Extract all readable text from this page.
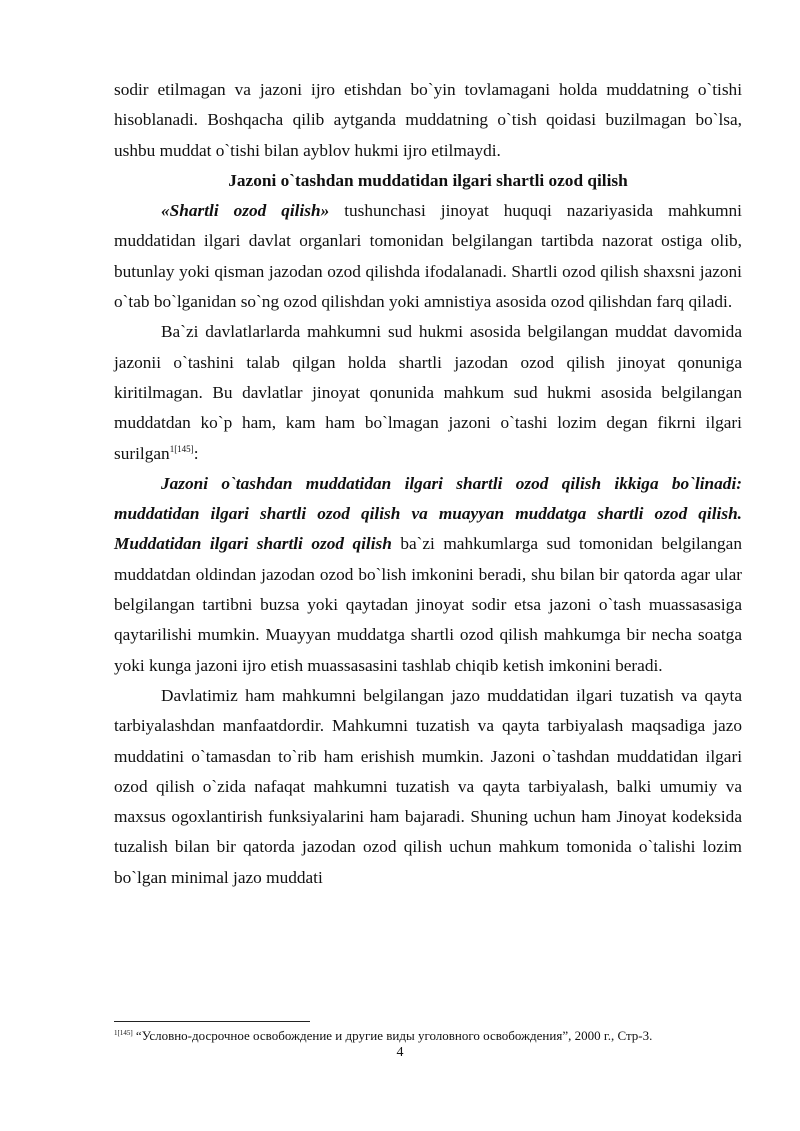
sodir etilmagan va jazoni ijro etishdan bo`yin tovlamagani holda muddatning o`tishi hisoblanadi. Boshqacha qilib aytganda muddatning o`tish qoidasi buzilmagan bo`lsa, ushbu muddat o`tishi bilan ayblov hukmi ijro etilmaydi.

Jazoni o`tashdan muddatidan ilgari shartli ozod qilish

«Shartli ozod qilish» tushunchasi jinoyat huquqi nazariyasida mahkumni muddatidan ilgari davlat organlari tomonidan belgilangan tartibda nazorat ostiga olib, butunlay yoki qisman jazodan ozod qilishda ifodalanadi. Shartli ozod qilish shaxsni jazoni o`tab bo`lganidan so`ng ozod qilishdan yoki amnistiya asosida ozod qilishdan farq qiladi.

Ba`zi davlatlarlarda mahkumni sud hukmi asosida belgilangan muddat davomida jazonii o`tashini talab qilgan holda shartli jazodan ozod qilish jinoyat qonuniga kiritilmagan. Bu davlatlar jinoyat qonunida mahkum sud hukmi asosida belgilangan muddatdan ko`p ham, kam ham bo`lmagan jazoni o`tashi lozim degan fikrni ilgari surilgan$^{1[145]}$:

Jazoni o`tashdan muddatidan ilgari shartli ozod qilish ikkiga bo`linadi: muddatidan ilgari shartli ozod qilish va muayyan muddatga shartli ozod qilish. Muddatidan ilgari shartli ozod qilish ba`zi mahkumlarga sud tomonidan belgilangan muddatdan oldindan jazodan ozod bo`lish imkonini beradi, shu bilan bir qatorda agar ular belgilangan tartibni buzsa yoki qaytadan jinoyat sodir etsa jazoni o`tash muassasasiga qaytarilishi mumkin. Muayyan muddatga shartli ozod qilish mahkumga bir necha soatga yoki kunga jazoni ijro etish muassasasini tashlab chiqib ketish imkonini beradi.

Davlatimiz ham mahkumni belgilangan jazo muddatidan ilgari tuzatish va qayta tarbiyalashdan manfaatdordir. Mahkumni tuzatish va qayta tarbiyalash maqsadiga jazo muddatini o`tamasdan to`rib ham erishish mumkin. Jazoni o`tashdan muddatidan ilgari ozod qilish o`zida nafaqat mahkumni tuzatish va qayta tarbiyalash, balki umumiy va maxsus ogoxlantirish funksiyalarini ham bajaradi. Shuning uchun ham Jinoyat kodeksida tuzalish bilan bir qatorda jazodan ozod qilish uchun mahkum tomonida o`talishi lozim bo`lgan minimal jazo muddati

$^{1[145]}$ “Условно-досрочное освобождение и другие виды уголовного освобождения”, 2000 г., Стр-3.
4
